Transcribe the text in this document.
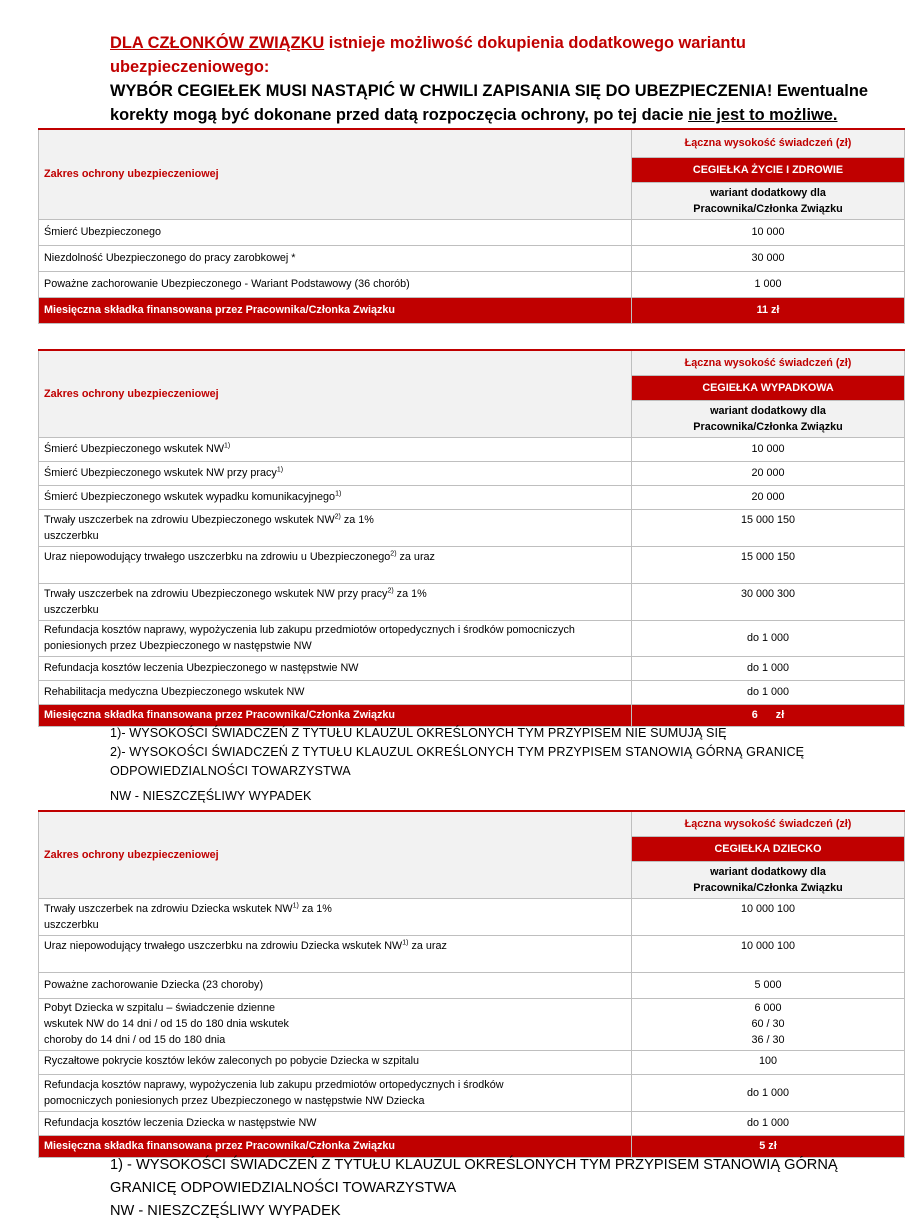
DLA CZŁONKÓW ZWIĄZKU istnieje możliwość dokupienia dodatkowego wariantu
ubezpieczeniowego:
WYBÓR CEGIEŁEK MUSI NASTĄPIĆ W CHWILI ZAPISANIA SIĘ DO UBEZPIECZENIA! Ewentualne
korekty mogą być dokonane przed datą rozpoczęcia ochrony, po tej dacie nie jest to możliwe.
Zakres ochrony ubezpieczeniowej	Łączna wysokość świadczeń (zł)
	CEGIEŁKA ŻYCIE I ZDROWIE

	wariant dodatkowy dla
Pracownika/Członka Związku

Śmierć Ubezpieczonego	10 000
Niezdolność Ubezpieczonego do pracy zarobkowej *	30 000
Poważne zachorowanie Ubezpieczonego - Wariant Podstawowy (36 chorób)	1 000
Miesięczna składka finansowana przez Pracownika/Członka Związku	11 zł
Zakres ochrony ubezpieczeniowej	Łączna wysokość świadczeń (zł)
	CEGIEŁKA WYPADKOWA

	wariant dodatkowy dla
Pracownika/Członka Związku

Śmierć Ubezpieczonego wskutek NW$^{1)}$	10 000
Śmierć Ubezpieczonego wskutek NW przy pracy$^{1)}$	20 000
Śmierć Ubezpieczonego wskutek wypadku komunikacyjnego$^{1)}$	20 000
Trwały uszczerbek na zdrowiu Ubezpieczonego wskutek NW$^{2)}$ za 1%
uszczerbku	15 000 150
Uraz niepowodujący trwałego uszczerbku na zdrowiu u Ubezpieczonego$^{2)}$ za uraz	15 000 150
Trwały uszczerbek na zdrowiu Ubezpieczonego wskutek NW przy pracy$^{2)}$ za 1%
uszczerbku	30 000 300
Refundacja kosztów naprawy, wypożyczenia lub zakupu przedmiotów ortopedycznych i środków pomocniczych
poniesionych przez Ubezpieczonego w następstwie NW	do 1 000
Refundacja kosztów leczenia Ubezpieczonego w następstwie NW	do 1 000
Rehabilitacja medyczna Ubezpieczonego wskutek NW	do 1 000
Miesięczna składka finansowana przez Pracownika/Członka Związku	6      zł
1)- WYSOKOŚCI ŚWIADCZEŃ Z TYTUŁU KLAUZUL OKREŚLONYCH TYM PRZYPISEM NIE SUMUJĄ SIĘ
2)- WYSOKOŚCI ŚWIADCZEŃ Z TYTUŁU KLAUZUL OKREŚLONYCH TYM PRZYPISEM STANOWIĄ GÓRNĄ GRANICĘ
ODPOWIEDZIALNOŚCI TOWARZYSTWA
NW - NIESZCZĘŚLIWY WYPADEK
Zakres ochrony ubezpieczeniowej	Łączna wysokość świadczeń (zł)
	CEGIEŁKA DZIECKO

	wariant dodatkowy dla
Pracownika/Członka Związku

Trwały uszczerbek na zdrowiu Dziecka wskutek NW$^{1)}$ za 1%
uszczerbku	10 000 100
Uraz niepowodujący trwałego uszczerbku na zdrowiu Dziecka wskutek NW$^{1)}$ za uraz	10 000 100
Poważne zachorowanie Dziecka (23 choroby)	5 000
Pobyt Dziecka w szpitalu – świadczenie dzienne
wskutek NW do 14 dni / od 15 do 180 dnia wskutek
choroby do 14 dni / od 15 do 180 dnia	6 000
60 / 30
36 / 30
Ryczałtowe pokrycie kosztów leków zaleconych po pobycie Dziecka w szpitalu	100
Refundacja kosztów naprawy, wypożyczenia lub zakupu przedmiotów ortopedycznych i środków
pomocniczych poniesionych przez Ubezpieczonego w następstwie NW Dziecka	do 1 000
Refundacja kosztów leczenia Dziecka w następstwie NW	do 1 000
Miesięczna składka finansowana przez Pracownika/Członka Związku	5 zł
1) - WYSOKOŚCI ŚWIADCZEŃ Z TYTUŁU KLAUZUL OKREŚLONYCH TYM PRZYPISEM STANOWIĄ GÓRNĄ
GRANICĘ ODPOWIEDZIALNOŚCI TOWARZYSTWA
NW - NIESZCZĘŚLIWY WYPADEK
